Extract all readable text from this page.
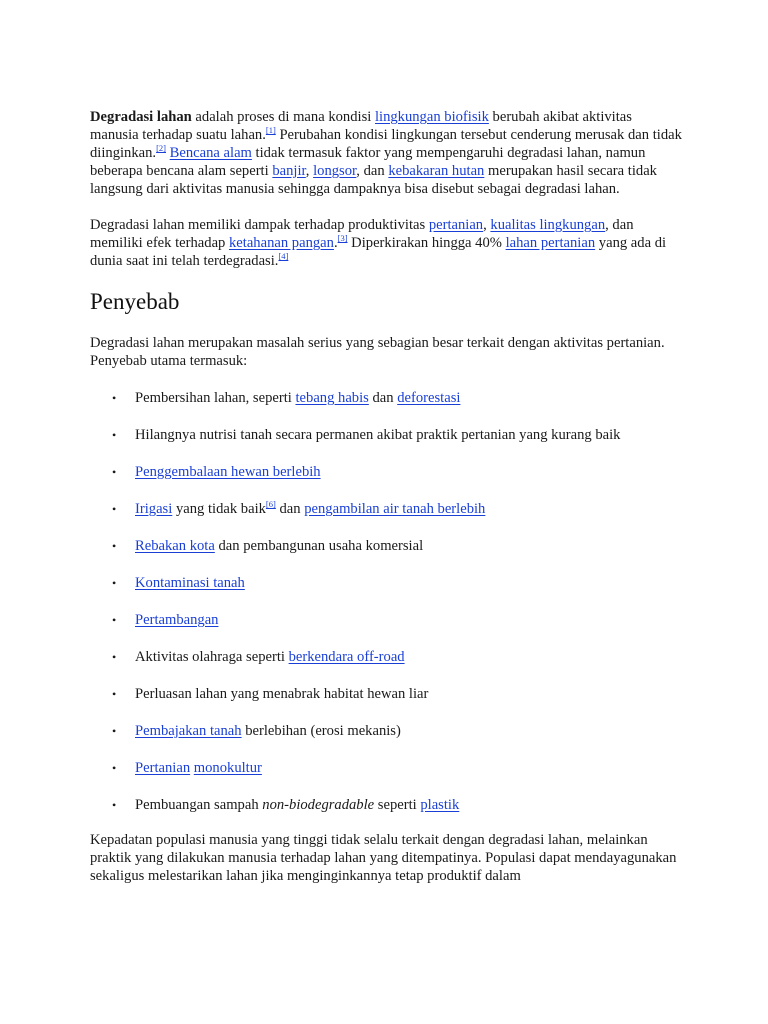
Degradasi lahan adalah proses di mana kondisi lingkungan biofisik berubah akibat aktivitas manusia terhadap suatu lahan.[1] Perubahan kondisi lingkungan tersebut cenderung merusak dan tidak diinginkan.[2] Bencana alam tidak termasuk faktor yang mempengaruhi degradasi lahan, namun beberapa bencana alam seperti banjir, longsor, dan kebakaran hutan merupakan hasil secara tidak langsung dari aktivitas manusia sehingga dampaknya bisa disebut sebagai degradasi lahan.

Degradasi lahan memiliki dampak terhadap produktivitas pertanian, kualitas lingkungan, dan memiliki efek terhadap ketahanan pangan.[3] Diperkirakan hingga 40% lahan pertanian yang ada di dunia saat ini telah terdegradasi.[4]

Penyebab

Degradasi lahan merupakan masalah serius yang sebagian besar terkait dengan aktivitas pertanian. Penyebab utama termasuk:

• Pembersihan lahan, seperti tebang habis dan deforestasi
• Hilangnya nutrisi tanah secara permanen akibat praktik pertanian yang kurang baik
• Penggembalaan hewan berlebih
• Irigasi yang tidak baik[6] dan pengambilan air tanah berlebih
• Rebakan kota dan pembangunan usaha komersial
• Kontaminasi tanah
• Pertambangan
• Aktivitas olahraga seperti berkendara off-road
• Perluasan lahan yang menabrak habitat hewan liar
• Pembajakan tanah berlebihan (erosi mekanis)
• Pertanian monokultur
• Pembuangan sampah non-biodegradable seperti plastik

Kepadatan populasi manusia yang tinggi tidak selalu terkait dengan degradasi lahan, melainkan praktik yang dilakukan manusia terhadap lahan yang ditempatinya. Populasi dapat mendayagunakan sekaligus melestarikan lahan jika menginginkannya tetap produktif dalam
